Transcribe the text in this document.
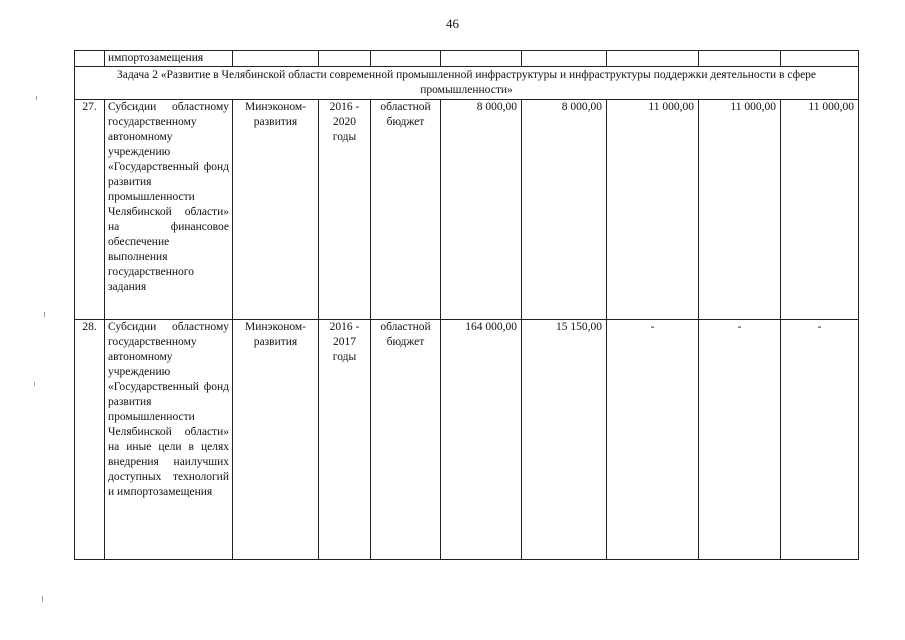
46
	импортозамещения								
Задача 2 «Развитие в Челябинской области современной промышленной инфраструктуры и инфраструктуры поддержки деятельности в сфере промышленности»									
27.	Субсидии областному государственному автономному учреждению «Государственный фонд развития промышленности Челябинской области» на финансовое обеспечение выполнения государственного задания	Минэконом-развития	2016 - 2020 годы	областной бюджет	8 000,00	8 000,00	11 000,00	11 000,00	11 000,00
28.	Субсидии областному государственному автономному учреждению «Государственный фонд развития промышленности Челябинской области» на иные цели в целях внедрения наилучших доступных технологий и импортозамещения	Минэконом-развития	2016 - 2017 годы	областной бюджет	164 000,00	15 150,00	-	-	-
